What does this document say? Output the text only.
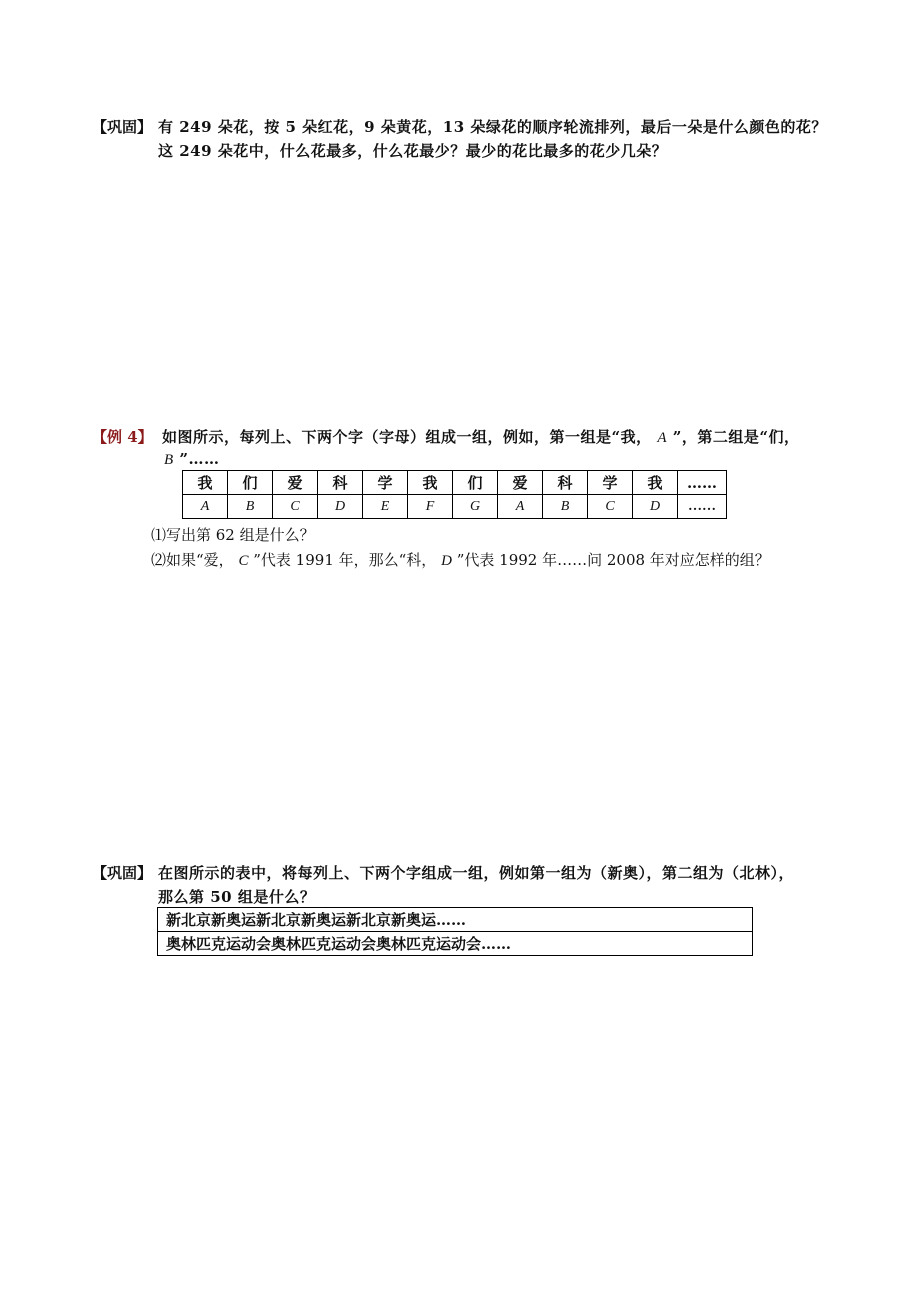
【巩固】 有 249 朵花，按 5 朵红花，9 朵黄花，13 朵绿花的顺序轮流排列，最后一朵是什么颜色的花？
这 249 朵花中，什么花最多，什么花最少？最少的花比最多的花少几朵？
【例 4】 如图所示，每列上、下两个字（字母）组成一组，例如，第一组是“我， A ”，第二组是“们，
B ”……
我	们	爱	科	学	我	们	爱	科	学	我	……
A	B	C	D	E	F	G	A	B	C	D	……
⑴写出第 62 组是什么？
⑵如果“爱， C ”代表 1991 年，那么“科， D ”代表 1992 年……问 2008 年对应怎样的组？
【巩固】 在图所示的表中，将每列上、下两个字组成一组，例如第一组为（新奥），第二组为（北林），
那么第 50 组是什么？
新北京新奥运新北京新奥运新北京新奥运……
奥林匹克运动会奥林匹克运动会奥林匹克运动会……
